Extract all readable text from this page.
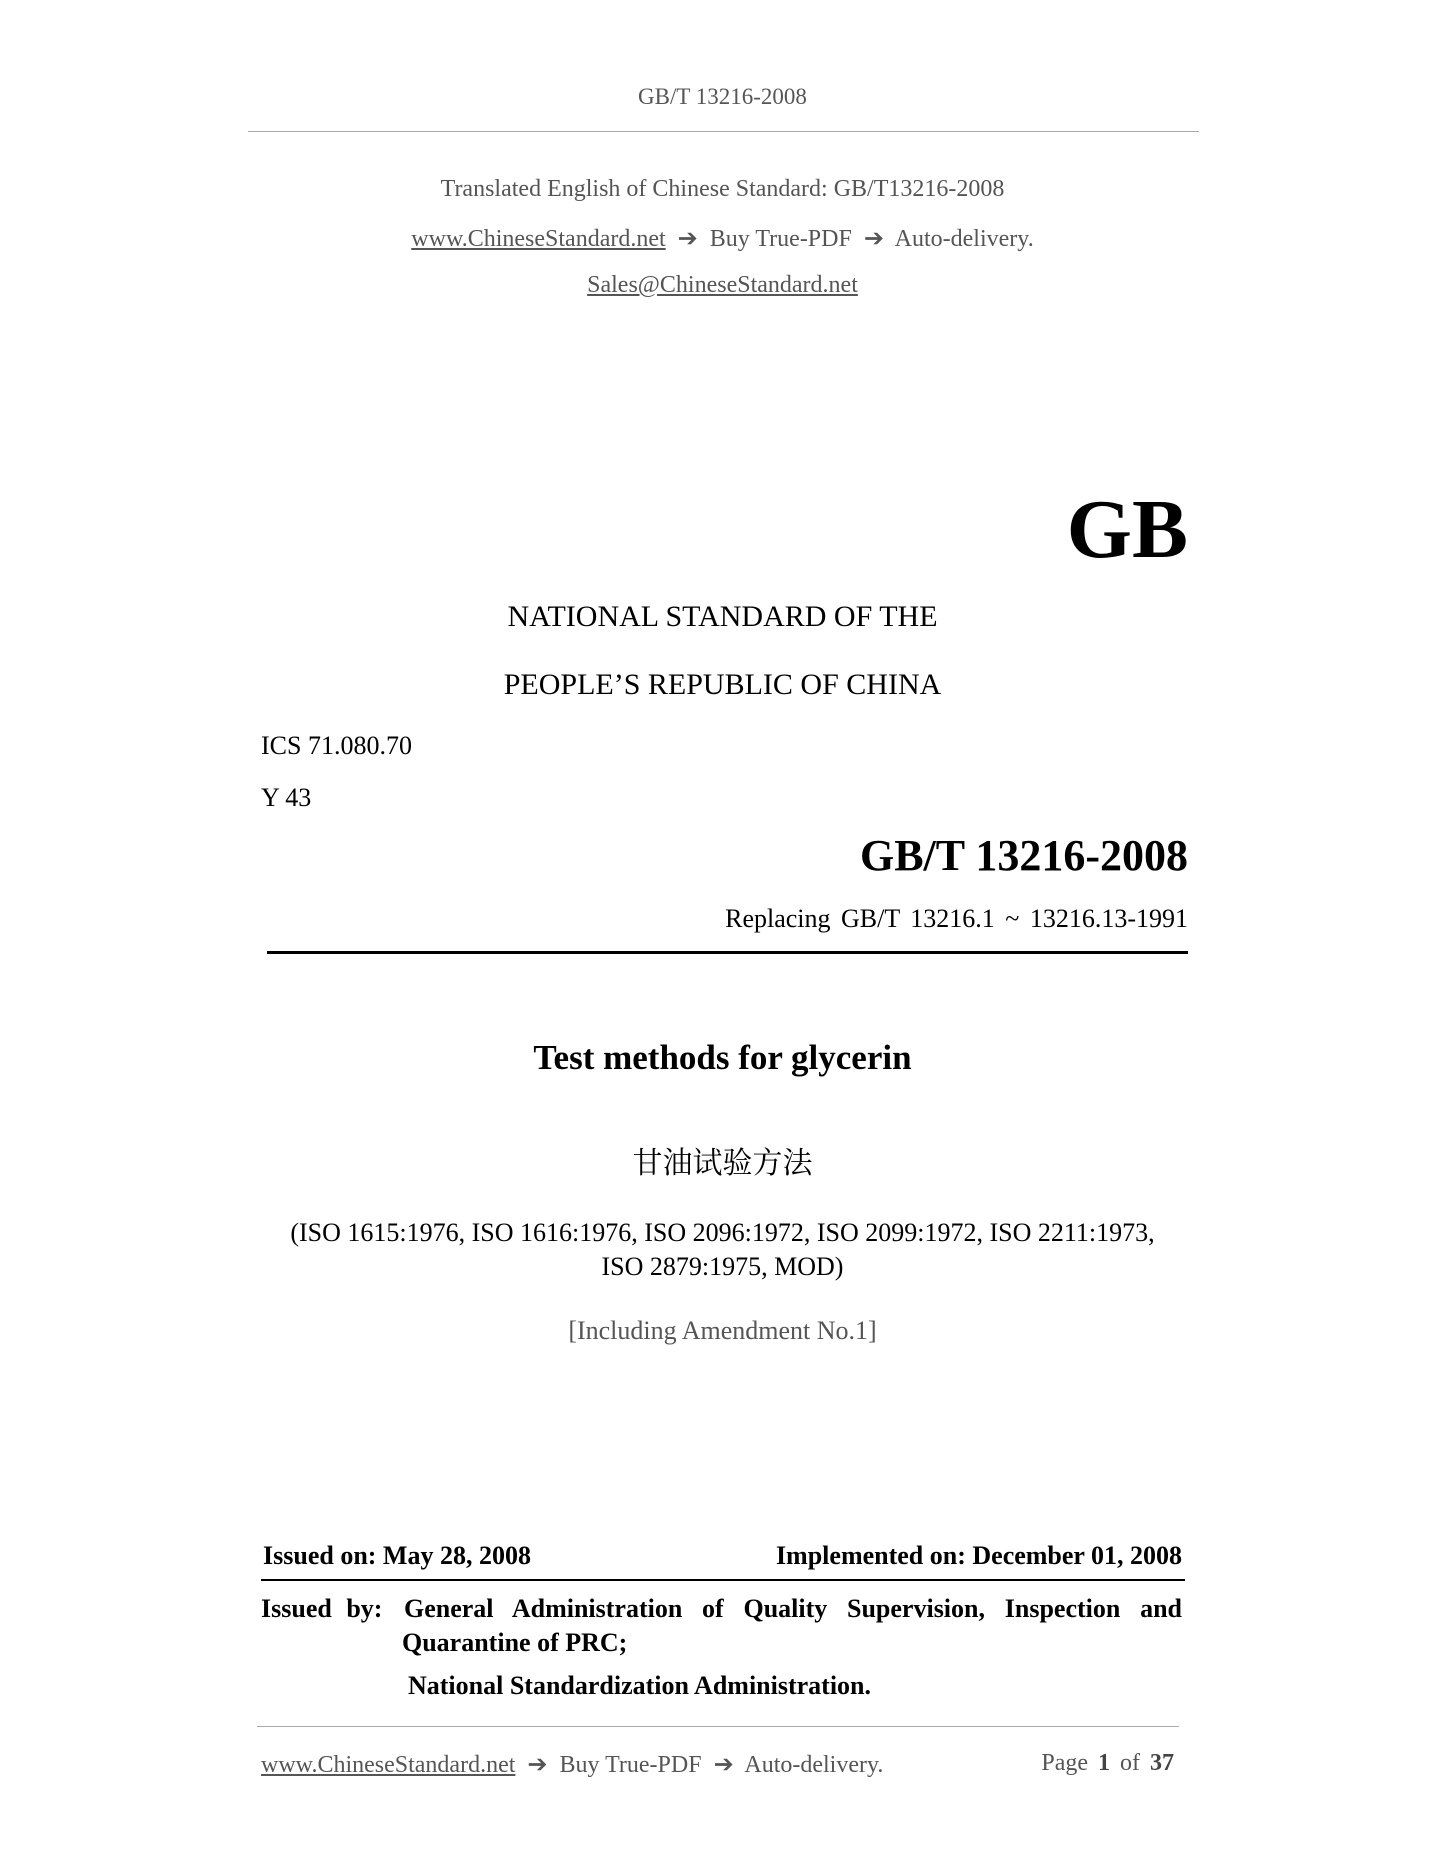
GB/T 13216-2008
Translated English of Chinese Standard: GB/T13216-2008
www.ChineseStandard.net  ➔  Buy True-PDF  ➔  Auto-delivery.
Sales@ChineseStandard.net
GB
NATIONAL STANDARD OF THE
PEOPLE’S REPUBLIC OF CHINA
ICS 71.080.70
Y 43
GB/T 13216-2008
Replacing GB/T 13216.1 ~ 13216.13-1991
Test methods for glycerin
甘油试验方法
(ISO 1615:1976, ISO 1616:1976, ISO 2096:1972, ISO 2099:1972, ISO 2211:1973,
ISO 2879:1975, MOD)
[Including Amendment No.1]
Issued on: May 28, 2008	Implemented on: December 01, 2008
Issued by: General Administration of Quality Supervision, Inspection and
Quarantine of PRC;
National Standardization Administration.
www.ChineseStandard.net  ➔  Buy True-PDF  ➔  Auto-delivery.	Page 1 of 37
